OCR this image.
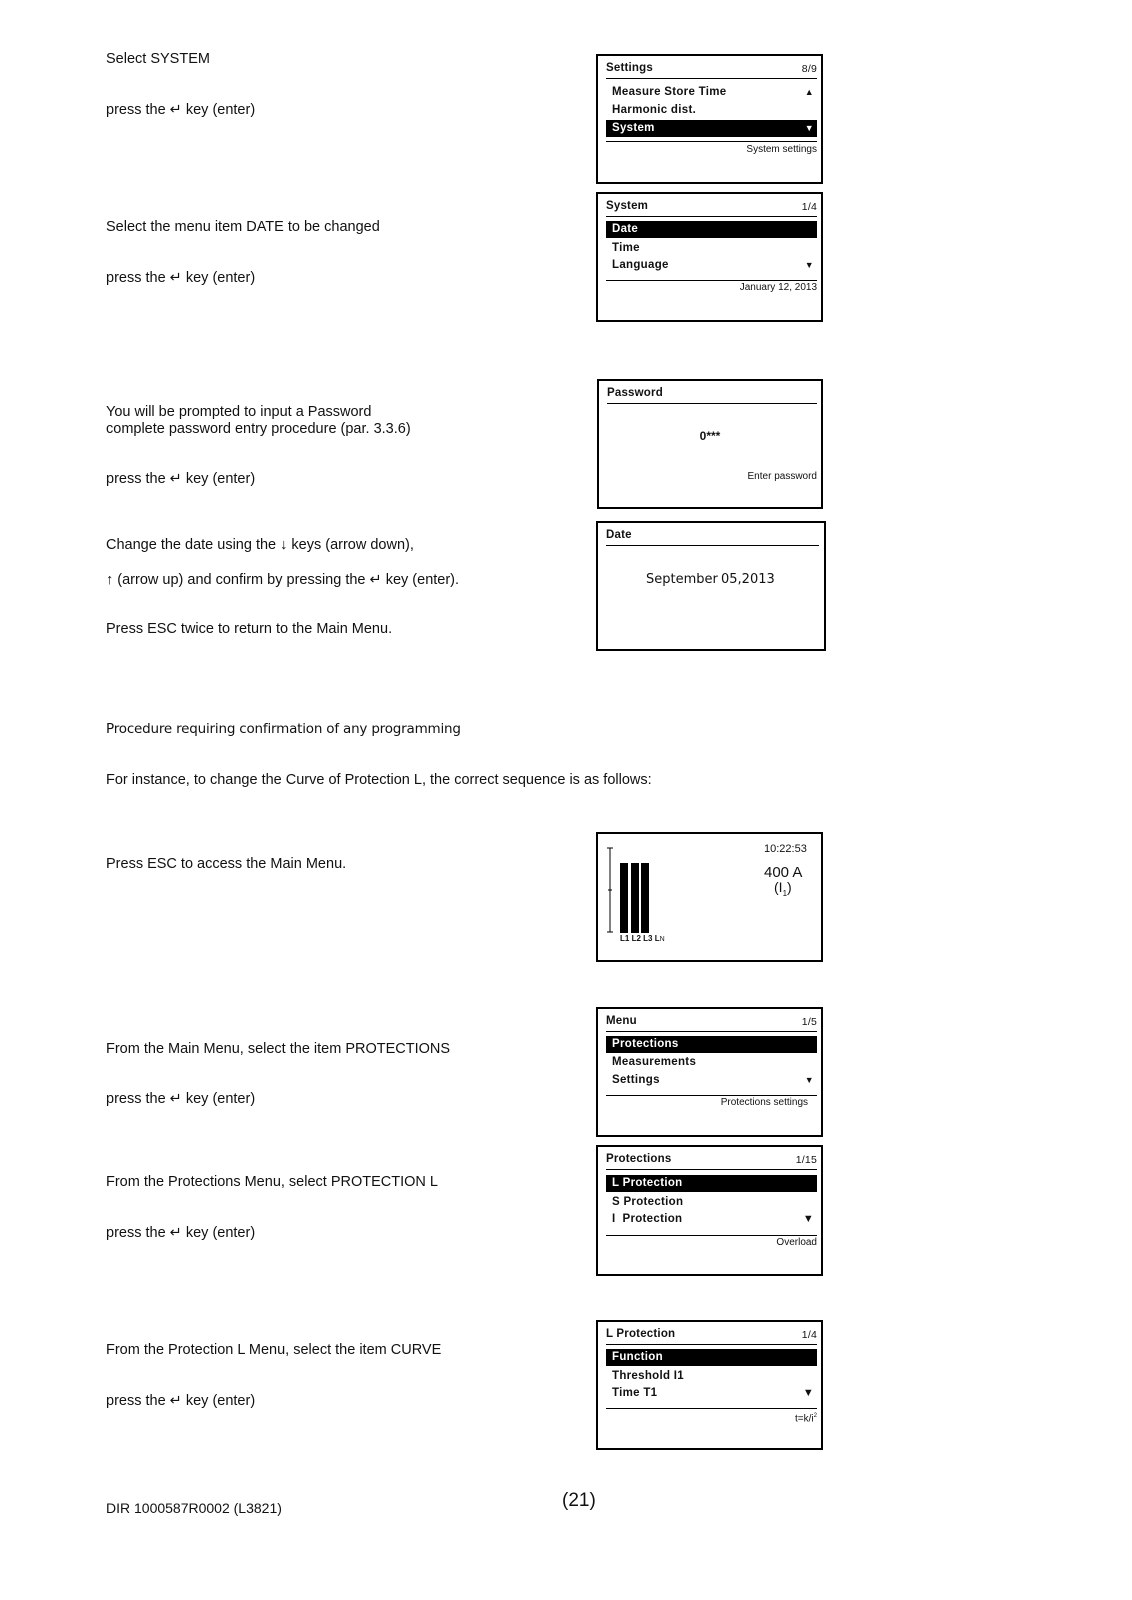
Select SYSTEM
press the ↵ key (enter)
Select the menu item DATE to be changed
press the ↵ key (enter)
You will be prompted to input a Password
complete password entry procedure (par. 3.3.6)
press the ↵ key (enter)
Change the date using the ↓ keys (arrow down),
↑ (arrow up) and confirm by pressing the ↵ key (enter).
Press ESC twice to return to the Main Menu.
Procedure requiring confirmation of any programming
For instance, to change the Curve of Protection L, the correct sequence is as follows:
Press ESC to access the Main Menu.
From the Main Menu, select the item PROTECTIONS
press the ↵ key (enter)
From the Protections Menu, select PROTECTION L
press the ↵ key (enter)
From the Protection L Menu, select the item CURVE
press the ↵ key (enter)
Settings	8/9
Measure Store Time	▲
Harmonic dist.
System	▼
System settings
System	1/4
Date
Time
Language	▼
January 12, 2013
Password
0***
Enter password
Date
September 05,2013
L1 L2 L3 LN
10:22:53
400 A
$(I_1)$
Menu	1/5
Protections
Measurements
Settings	▼
Protections settings
Protections	1/15
L Protection
S Protection
I  Protection	▼
Overload
L Protection	1/4
Function
Threshold I1
Time T1	▼
$t=k/i^2$
DIR 1000587R0002 (L3821)	(21)
